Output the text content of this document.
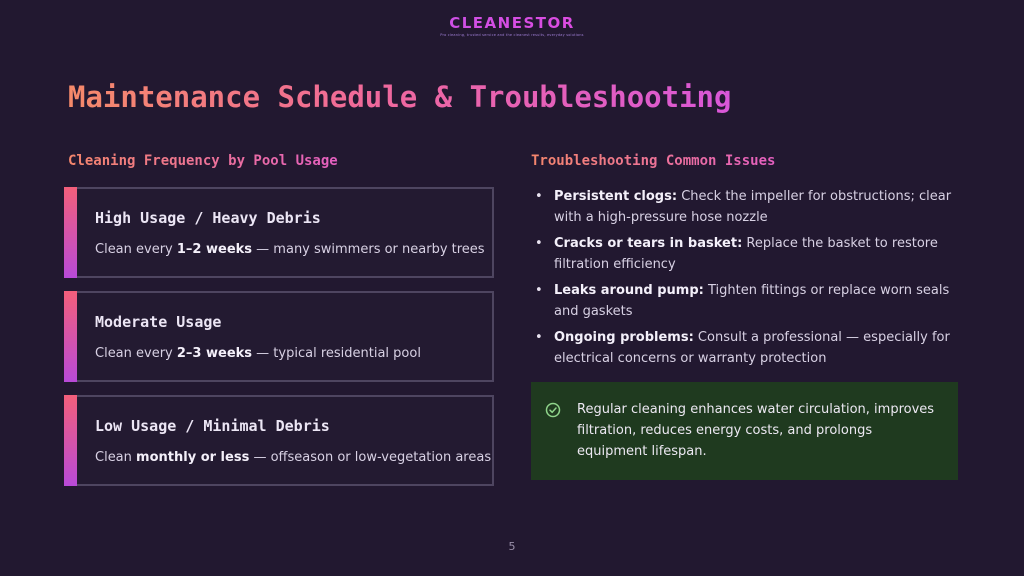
CLEANESTOR
Pro cleaning, trusted service and the cleanest results, everyday solutions
Maintenance Schedule & Troubleshooting
Cleaning Frequency by Pool Usage	Troubleshooting Common Issues
High Usage / Heavy Debris
Clean every 1–2 weeks — many swimmers or nearby trees
Moderate Usage
Clean every 2–3 weeks — typical residential pool
Low Usage / Minimal Debris
Clean monthly or less — offseason or low-vegetation areas
• Persistent clogs: Check the impeller for obstructions; clear with a high-pressure hose nozzle
• Cracks or tears in basket: Replace the basket to restore filtration efficiency
• Leaks around pump: Tighten fittings or replace worn seals and gaskets
• Ongoing problems: Consult a professional — especially for electrical concerns or warranty protection
Regular cleaning enhances water circulation, improves filtration, reduces energy costs, and prolongs equipment lifespan.
5
